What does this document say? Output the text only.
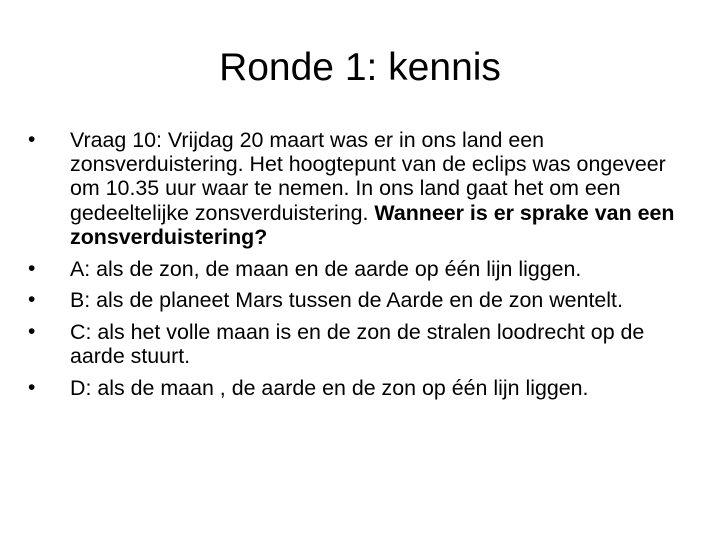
Ronde 1: kennis
•	Vraag 10: Vrijdag 20 maart was er in ons land een zonsverduistering. Het hoogtepunt van de eclips was ongeveer om 10.35 uur waar te nemen. In ons land gaat het om een gedeeltelijke zonsverduistering. Wanneer is er sprake van een zonsverduistering?
•	A: als de zon, de maan en de aarde op één lijn liggen.
•	B: als de planeet Mars tussen de Aarde en de zon wentelt.
•	C: als het volle maan is en de zon de stralen loodrecht op de aarde stuurt.
•	D: als de maan , de aarde en de zon op één lijn liggen.
